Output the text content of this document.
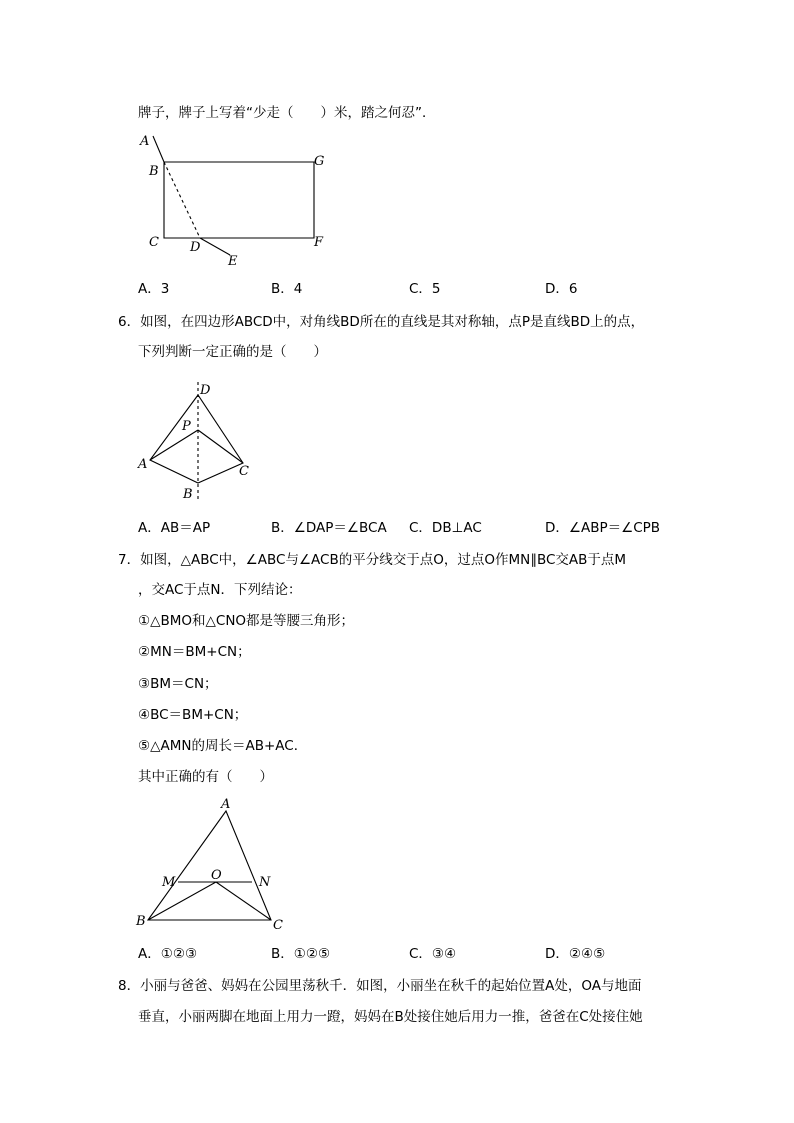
牌子，牌子上写着“少走（　　）米，踏之何忍”．
A
B
G
C D	F
E
A．3	B．4	C．5	D．6
6．如图，在四边形ABCD中，对角线BD所在的直线是其对称轴，点P是直线BD上的点，
下列判断一定正确的是（　　）
D
P
A	C
B
A．AB＝AP	B．∠DAP＝∠BCA C．DB⊥AC	D．∠ABP＝∠CPB
7．如图，△ABC中，∠ABC与∠ACB的平分线交于点O，过点O作MN∥BC交AB于点M
，交AC于点N．下列结论：
①△BMO和△CNO都是等腰三角形；
②MN＝BM+CN；
③BM＝CN；
④BC＝BM+CN；
⑤△AMN的周长＝AB+AC．
其中正确的有（　　）
A
M	O	N
B	C
A．①②③	B．①②⑤	C．③④	D．②④⑤
8．小丽与爸爸、妈妈在公园里荡秋千．如图，小丽坐在秋千的起始位置A处，OA与地面
垂直，小丽两脚在地面上用力一蹬，妈妈在B处接住她后用力一推，爸爸在C处接住她
